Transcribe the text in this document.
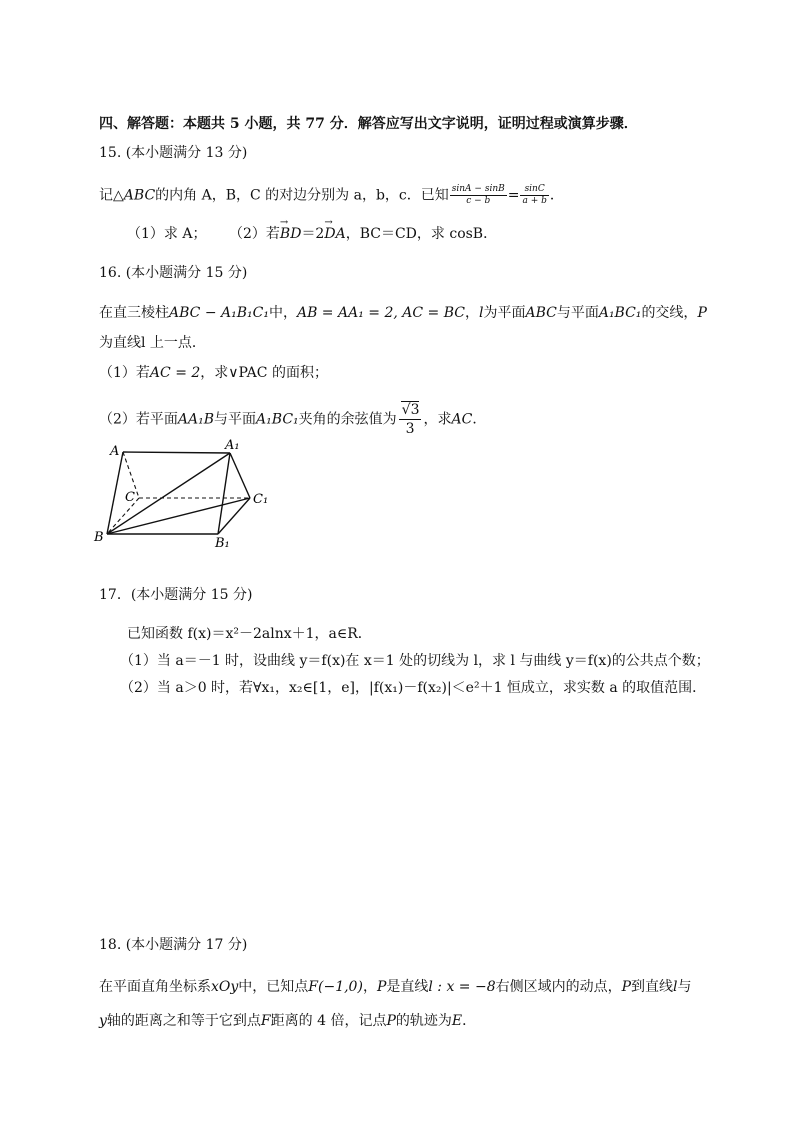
四、解答题：本题共 5 小题，共 77 分．解答应写出文字说明，证明过程或演算步骤．
15. (本小题满分 13 分)
记△ABC的内角 A，B，C 的对边分别为 a，b，c．已知 $\frac{\sin A - \sin B}{c - b} = \frac{\sin C}{a + b}$ ．
（1）求 A； （2）若→ BD＝2→ DA，BC＝CD，求 cosB．
16. (本小题满分 15 分)
在直三棱柱ABC − A₁B₁C₁中，AB = AA₁ = 2, AC = BC，l为平面ABC与平面A₁BC₁的交线，P
为直线l 上一点．
（1）若AC = 2，求∨PAC 的面积；
（2）若平面AA₁B与平面A₁BC₁夹角的余弦值为 $\frac{√3}{3}$ ，求AC．
A	A₁
C	C₁
B	B₁
17．(本小题满分 15 分)
已知函数 f(x)＝x²－2alnx＋1，a∈R．
（1）当 a＝－1 时，设曲线 y＝f(x)在 x＝1 处的切线为 l，求 l 与曲线 y＝f(x)的公共点个数；
（2）当 a＞0 时，若∀x₁，x₂∈[1，e]，|f(x₁)－f(x₂)|＜e²＋1 恒成立，求实数 a 的取值范围．
18. (本小题满分 17 分)
在平面直角坐标系xOy中，已知点F(−1,0)，P是直线l : x = −8右侧区域内的动点，P到直线l与
y轴的距离之和等于它到点F距离的 4 倍，记点P的轨迹为E．
